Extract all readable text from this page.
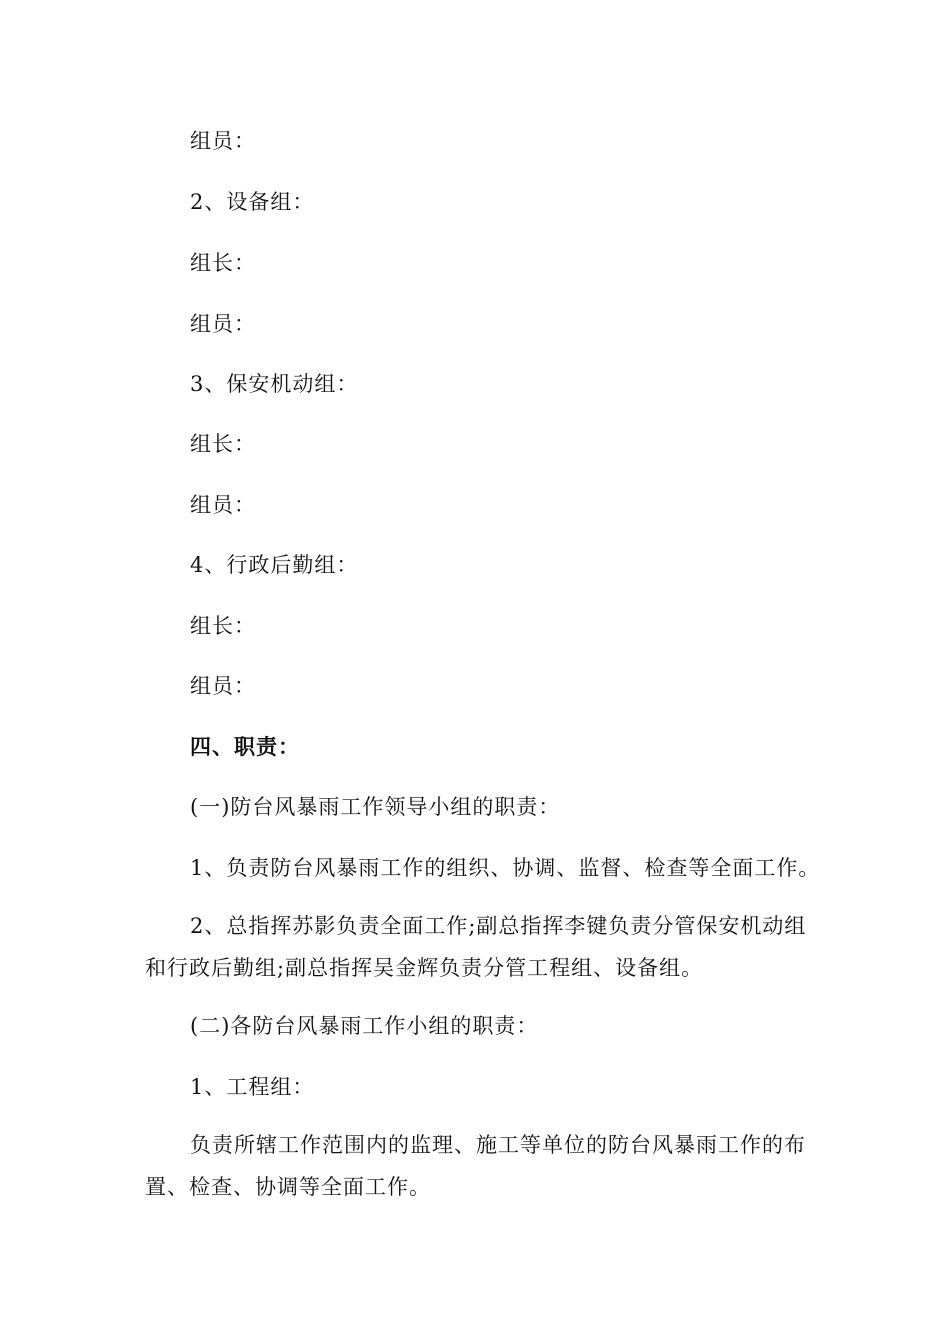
组员：
2、设备组：
组长：
组员：
3、保安机动组：
组长：
组员：
4、行政后勤组：
组长：
组员：
四、职责：
(一)防台风暴雨工作领导小组的职责：
1、负责防台风暴雨工作的组织、协调、监督、检查等全面工作。
2、总指挥苏影负责全面工作;副总指挥李键负责分管保安机动组和行政后勤组;副总指挥吴金辉负责分管工程组、设备组。
(二)各防台风暴雨工作小组的职责：
1、工程组：
负责所辖工作范围内的监理、施工等单位的防台风暴雨工作的布置、检查、协调等全面工作。
